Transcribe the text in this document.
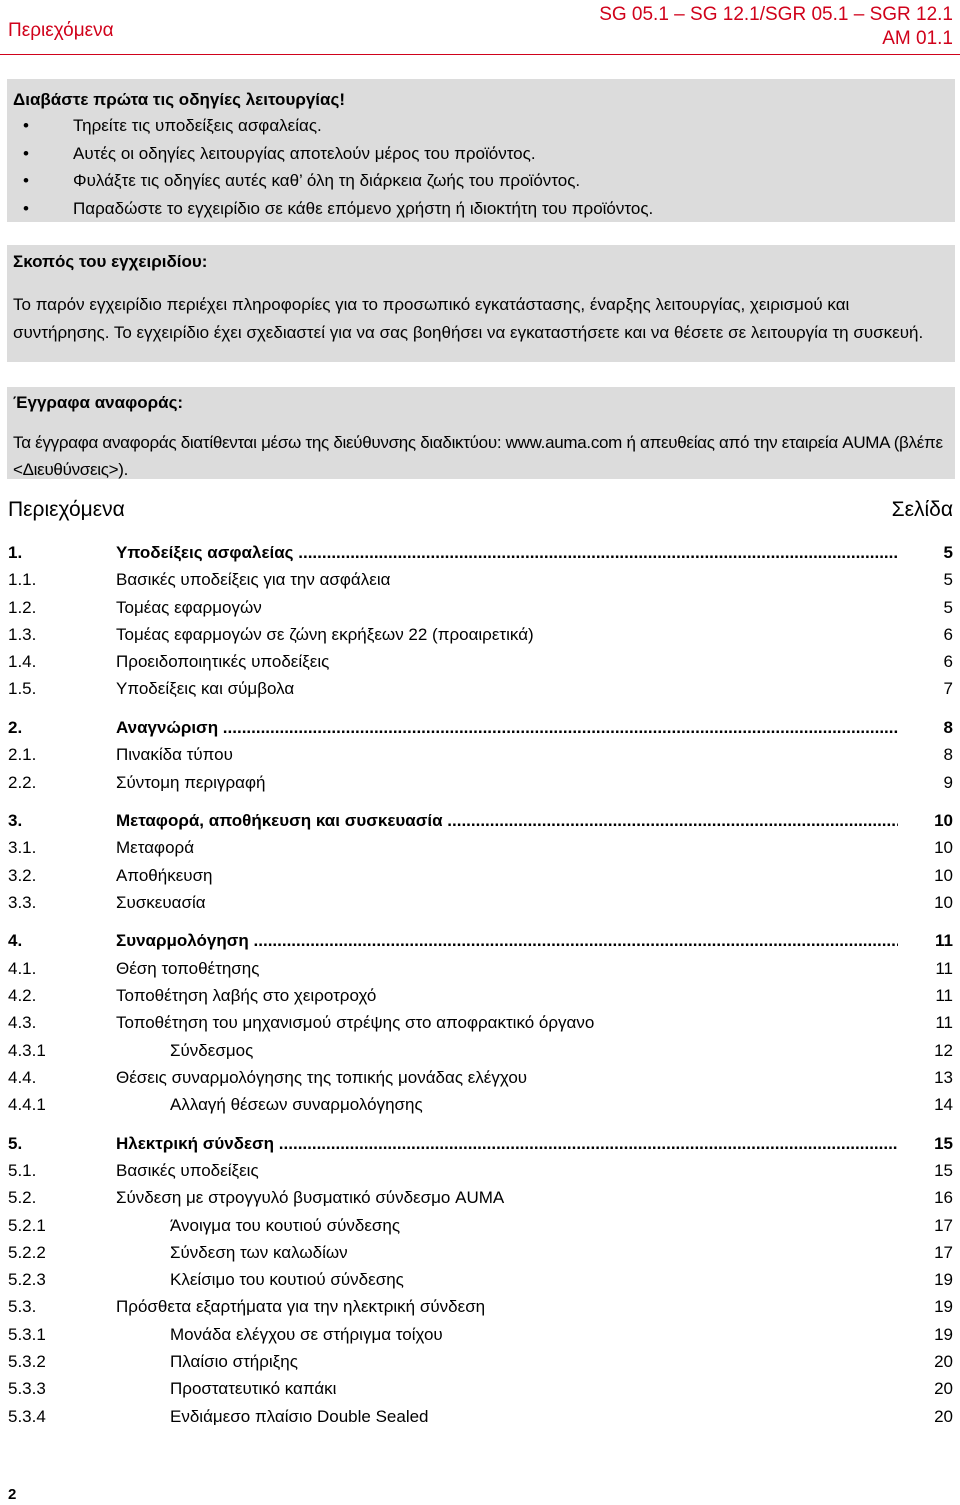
Περιεχόμενα
SG 05.1 – SG 12.1/SGR 05.1 – SGR 12.1
AM 01.1
Διαβάστε πρώτα τις οδηγίες λειτουργίας!
• Τηρείτε τις υποδείξεις ασφαλείας.
• Αυτές οι οδηγίες λειτουργίας αποτελούν μέρος του προϊόντος.
• Φυλάξτε τις οδηγίες αυτές καθ’ όλη τη διάρκεια ζωής του προϊόντος.
• Παραδώστε το εγχειρίδιο σε κάθε επόμενο χρήστη ή ιδιοκτήτη του προϊόντος.
Σκοπός του εγχειριδίου:
Το παρόν εγχειρίδιο περιέχει πληροφορίες για το προσωπικό εγκατάστασης, έναρξης λειτουργίας, χειρισμού και συντήρησης. Το εγχειρίδιο έχει σχεδιαστεί για να σας βοηθήσει να εγκαταστήσετε και να θέσετε σε λειτουργία τη συσκευή.
Έγγραφα αναφοράς:
Τα έγγραφα αναφοράς διατίθενται μέσω της διεύθυνσης διαδικτύου: www.auma.com ή απευθείας από την εταιρεία AUMA (βλέπε <Διευθύνσεις>).
Περιεχόμενα	Σελίδα
1.	Υποδείξεις ασφαλείας .....	5
1.1.	Βασικές υποδείξεις για την ασφάλεια	5
1.2.	Τομέας εφαρμογών	5
1.3.	Τομέας εφαρμογών σε ζώνη εκρήξεων 22 (προαιρετικά)	6
1.4.	Προειδοποιητικές υποδείξεις	6
1.5.	Υποδείξεις και σύμβολα	7
2.	Αναγνώριση .....	8
2.1.	Πινακίδα τύπου	8
2.2.	Σύντομη περιγραφή	9
3.	Μεταφορά, αποθήκευση και συσκευασία .....	10
3.1.	Μεταφορά	10
3.2.	Αποθήκευση	10
3.3.	Συσκευασία	10
4.	Συναρμολόγηση .....	11
4.1.	Θέση τοποθέτησης	11
4.2.	Τοποθέτηση λαβής στο χειροτροχό	11
4.3.	Τοποθέτηση του μηχανισμού στρέψης στο αποφρακτικό όργανο	11
4.3.1	Σύνδεσμος	12
4.4.	Θέσεις συναρμολόγησης της τοπικής μονάδας ελέγχου	13
4.4.1	Αλλαγή θέσεων συναρμολόγησης	14
5.	Ηλεκτρική σύνδεση .....	15
5.1.	Βασικές υποδείξεις	15
5.2.	Σύνδεση με στρογγυλό βυσματικό σύνδεσμο AUMA	16
5.2.1	Άνοιγμα του κουτιού σύνδεσης	17
5.2.2	Σύνδεση των καλωδίων	17
5.2.3	Κλείσιμο του κουτιού σύνδεσης	19
5.3.	Πρόσθετα εξαρτήματα για την ηλεκτρική σύνδεση	19
5.3.1	Μονάδα ελέγχου σε στήριγμα τοίχου	19
5.3.2	Πλαίσιο στήριξης	20
5.3.3	Προστατευτικό καπάκι	20
5.3.4	Ενδιάμεσο πλαίσιο Double Sealed	20
2
